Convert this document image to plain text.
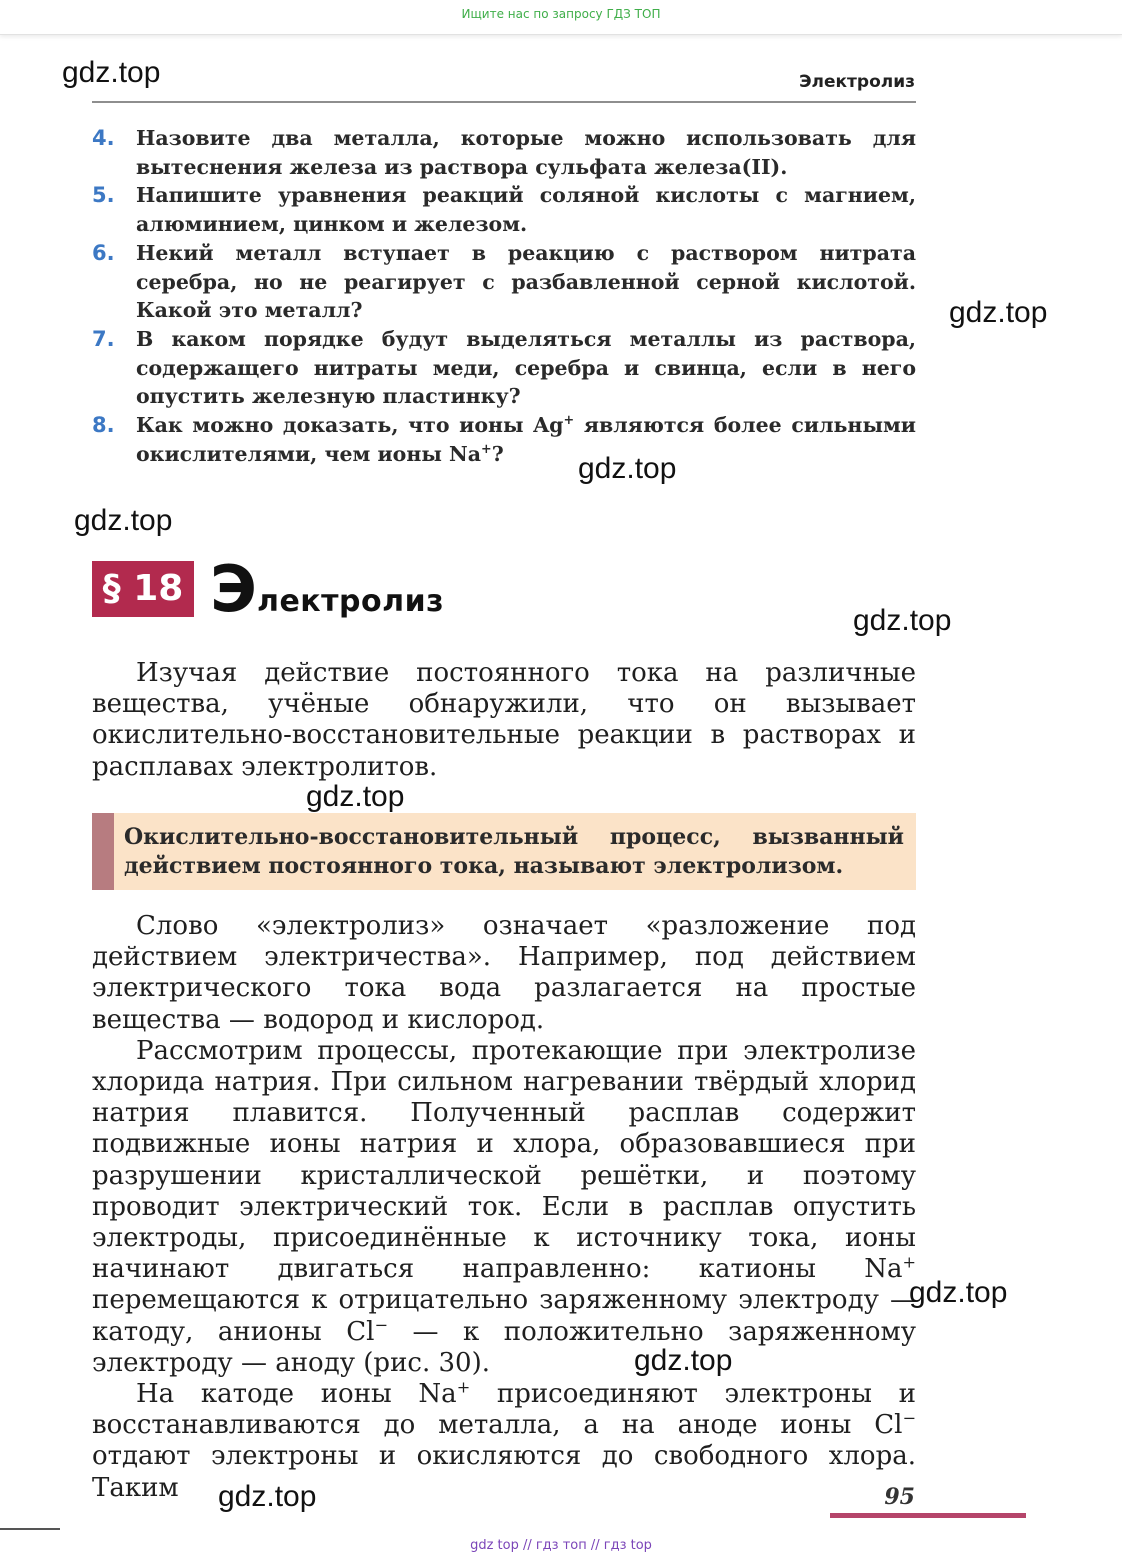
Ищите нас по запросу ГДЗ ТОП
Электролиз
4. Назовите два металла, которые можно использовать для вытеснения железа из раствора сульфата железа(II).
5. Напишите уравнения реакций соляной кислоты с магнием, алюминием, цинком и железом.
6. Некий металл вступает в реакцию с раствором нитрата серебра, но не реагирует с разбавленной серной кислотой. Какой это металл?
7. В каком порядке будут выделяться металлы из раствора, содержащего нитраты меди, серебра и свинца, если в него опустить железную пластинку?
8. Как можно доказать, что ионы Ag+ являются более сильными окислителями, чем ионы Na+?
§ 18 Электролиз
Изучая действие постоянного тока на различные вещества, учёные обнаружили, что он вызывает окислительно-восстановительные реакции в растворах и расплавах электролитов.
Окислительно-восстановительный процесс, вызванный действием постоянного тока, называют электролизом.

Слово «электролиз» означает «разложение под действием электричества». Например, под действием электрического тока вода разлагается на простые вещества — водород и кислород.

Рассмотрим процессы, протекающие при электролизе хлорида натрия. При сильном нагревании твёрдый хлорид натрия плавится. Полученный расплав содержит подвижные ионы натрия и хлора, образовавшиеся при разрушении кристаллической решётки, и поэтому проводит электрический ток. Если в расплав опустить электроды, присоединённые к источнику тока, ионы начинают двигаться направленно: катионы Na+ перемещаются к отрицательно заряженному электроду — катоду, анионы Cl− — к положительно заряженному электроду — аноду (рис. 30).

На катоде ионы Na+ присоединяют электроны и восстанавливаются до металла, а на аноде ионы Cl− отдают электроны и окисляются до свободного хлора. Таким	95
gdz top // гдз топ // гдз top
gdz.top
gdz.top
gdz.top
gdz.top
gdz.top
gdz.top
gdz.top
gdz.top
gdz.top
